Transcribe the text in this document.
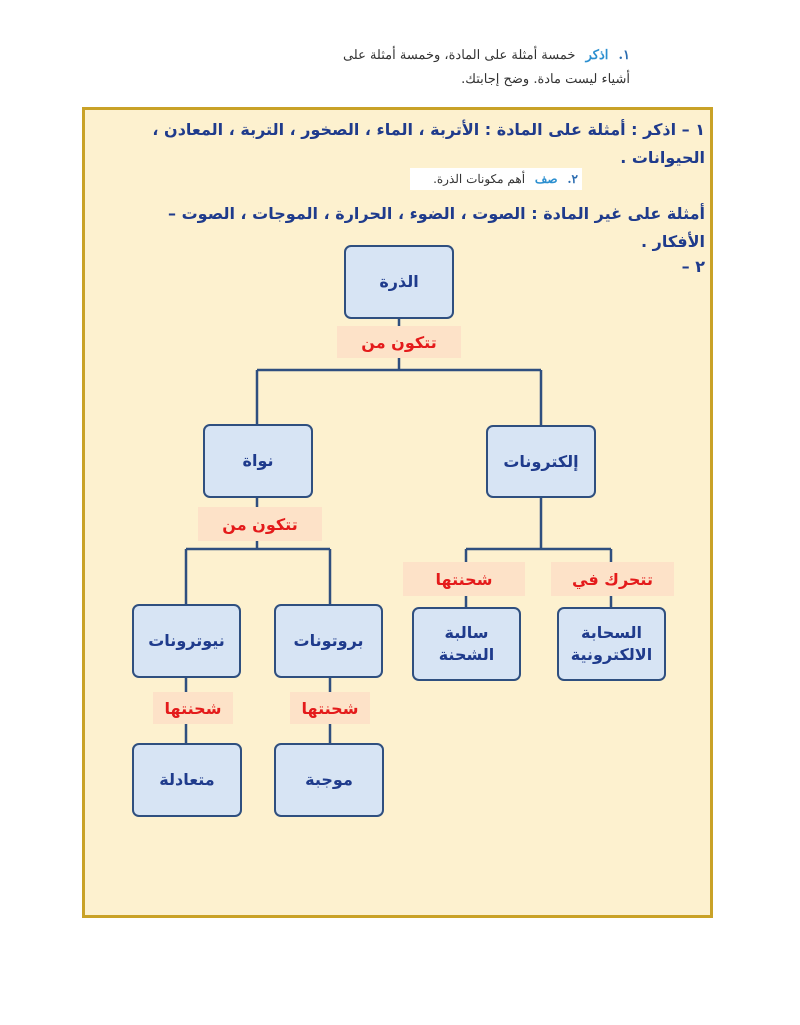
١. اذكر خمسة أمثلة على المادة، وخمسة أمثلة على
أشياء ليست مادة. وضح إجابتك.
١ – اذكر : أمثلة على المادة : الأتربة ، الماء ، الصخور ، التربة ، المعادن ،
الحيوانات .
٢. صف أهم مكونات الذرة.
أمثلة على غير المادة : الصوت ، الضوء ، الحرارة ، الموجات ، الصوت –
الأفكار .
٢ –
الذرة
تتكون من
نواة	إلكترونات
تتكون من
شحنتها	تتحرك في
نيوترونات	بروتونات	سالبة الشحنة
السحابة الالكترونية
شحنتها	شحنتها
متعادلة	موجبة
